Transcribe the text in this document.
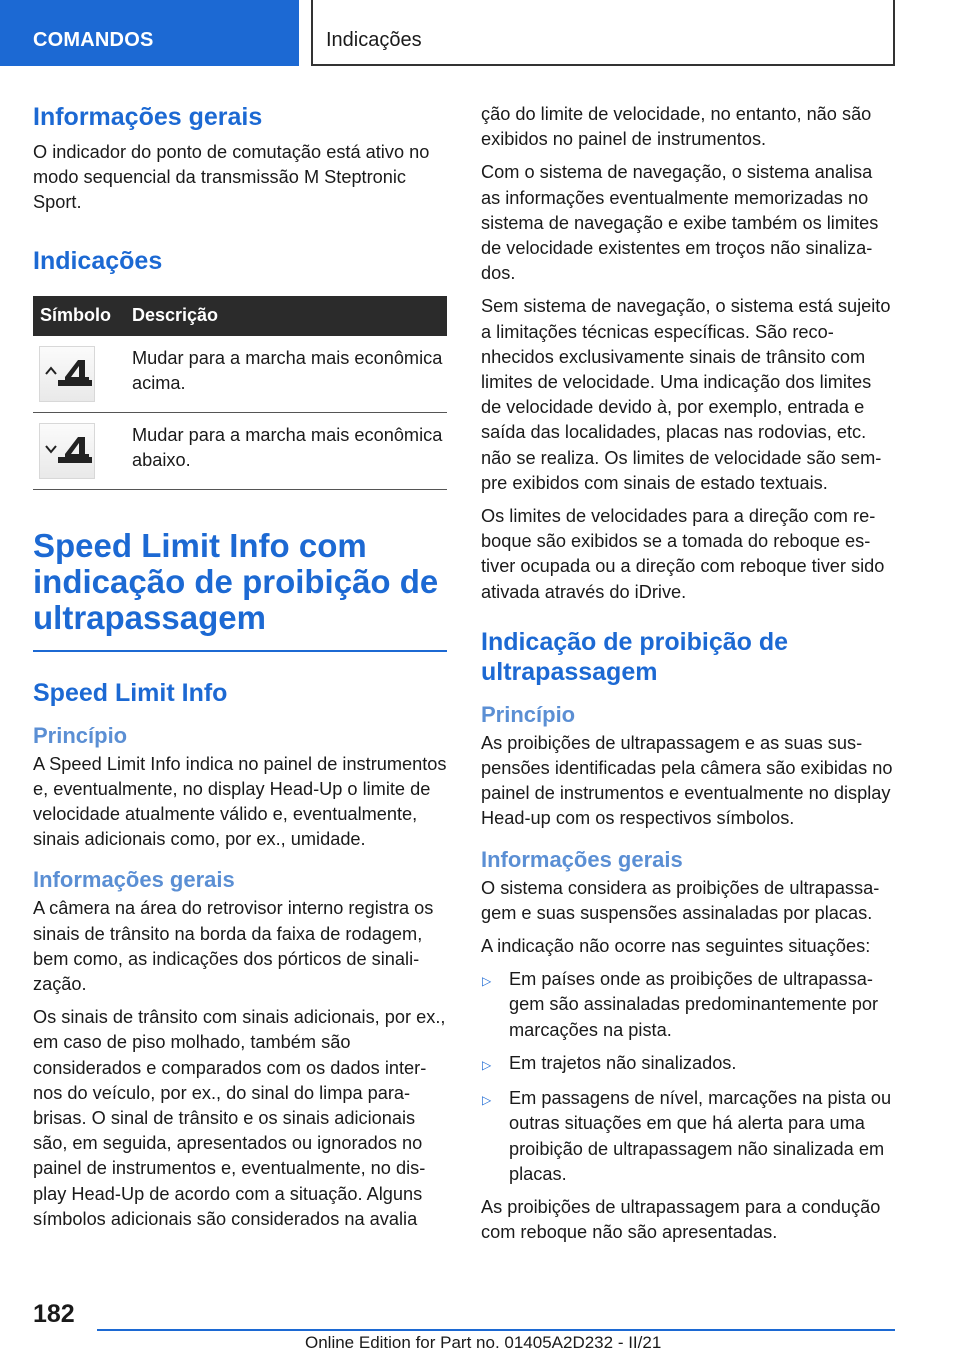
COMANDOS	Indicações
Informações gerais
O indicador do ponto de comutação está ativo no modo sequencial da transmissão M Steptronic Sport.
Indicações
Símbolo	Descrição
Mudar para a marcha mais econômica acima.
Mudar para a marcha mais econômica abaixo.
Speed Limit Info com indicação de proibição de ultrapassagem
Speed Limit Info
Princípio
A Speed Limit Info indica no painel de instrumentos e, eventualmente, no display Head-Up o limite de velocidade atualmente válido e, eventualmente, sinais adicionais como, por ex., umidade.
Informações gerais
A câmera na área do retrovisor interno registra os sinais de trânsito na borda da faixa de rodagem, bem como, as indicações dos pórticos de sinalização.
Os sinais de trânsito com sinais adicionais, por ex., em caso de piso molhado, também são considerados e comparados com os dados internos do veículo, por ex., do sinal do limpa para-brisas. O sinal de trânsito e os sinais adicionais são, em seguida, apresentados ou ignorados no painel de instrumentos e, eventualmente, no display Head-Up de acordo com a situação. Alguns símbolos adicionais são considerados na avalia
ção do limite de velocidade, no entanto, não são exibidos no painel de instrumentos.
Com o sistema de navegação, o sistema analisa as informações eventualmente memorizadas no sistema de navegação e exibe também os limites de velocidade existentes em troços não sinalizados.
Sem sistema de navegação, o sistema está sujeito a limitações técnicas específicas. São reconhecidos exclusivamente sinais de trânsito com limites de velocidade. Uma indicação dos limites de velocidade devido à, por exemplo, entrada e saída das localidades, placas nas rodovias, etc. não se realiza. Os limites de velocidade são sempre exibidos com sinais de estado textuais.
Os limites de velocidades para a direção com reboque são exibidos se a tomada do reboque estiver ocupada ou a direção com reboque tiver sido ativada através do iDrive.
Indicação de proibição de ultrapassagem
Princípio
As proibições de ultrapassagem e as suas suspensões identificadas pela câmera são exibidas no painel de instrumentos e eventualmente no display Head-up com os respectivos símbolos.
Informações gerais
O sistema considera as proibições de ultrapassagem e suas suspensões assinaladas por placas.
A indicação não ocorre nas seguintes situações:
▷ Em países onde as proibições de ultrapassagem são assinaladas predominantemente por marcações na pista.
▷ Em trajetos não sinalizados.
▷ Em passagens de nível, marcações na pista ou outras situações em que há alerta para uma proibição de ultrapassagem não sinalizada em placas.
As proibições de ultrapassagem para a condução com reboque não são apresentadas.
182
Online Edition for Part no. 01405A2D232 - II/21
